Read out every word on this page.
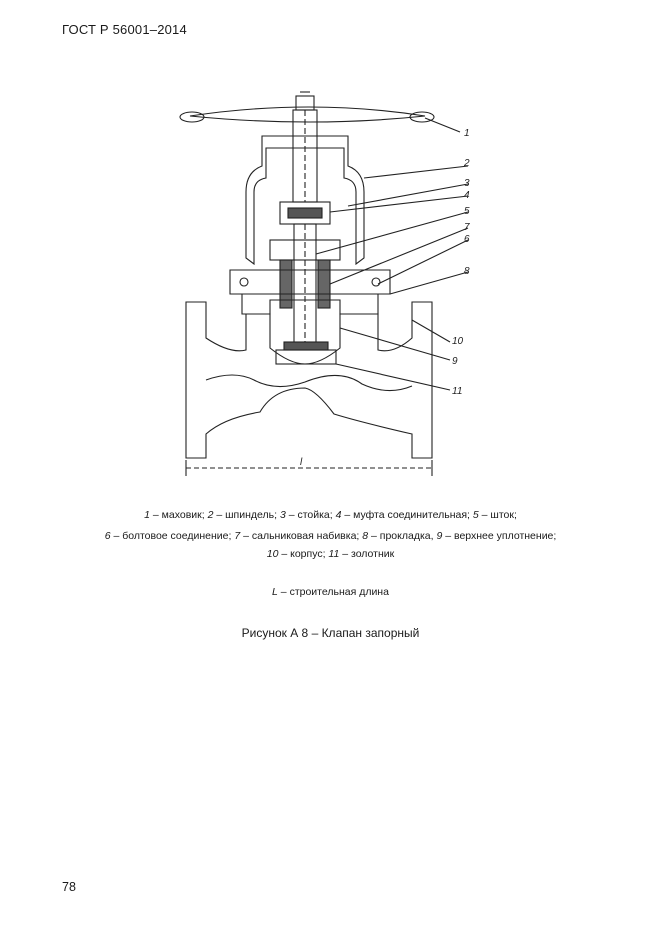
ГОСТ Р 56001–2014
1
2
3
4
5
7
6
8
10
9
11
l
1 – маховик; 2 – шпиндель; 3 – стойка; 4 – муфта соединительная; 5 – шток;
6 – болтовое соединение; 7 – сальниковая набивка; 8 – прокладка, 9 – верхнее уплотнение;
10 – корпус; 11 – золотник
L – строительная длина
Рисунок А 8 – Клапан запорный
78
